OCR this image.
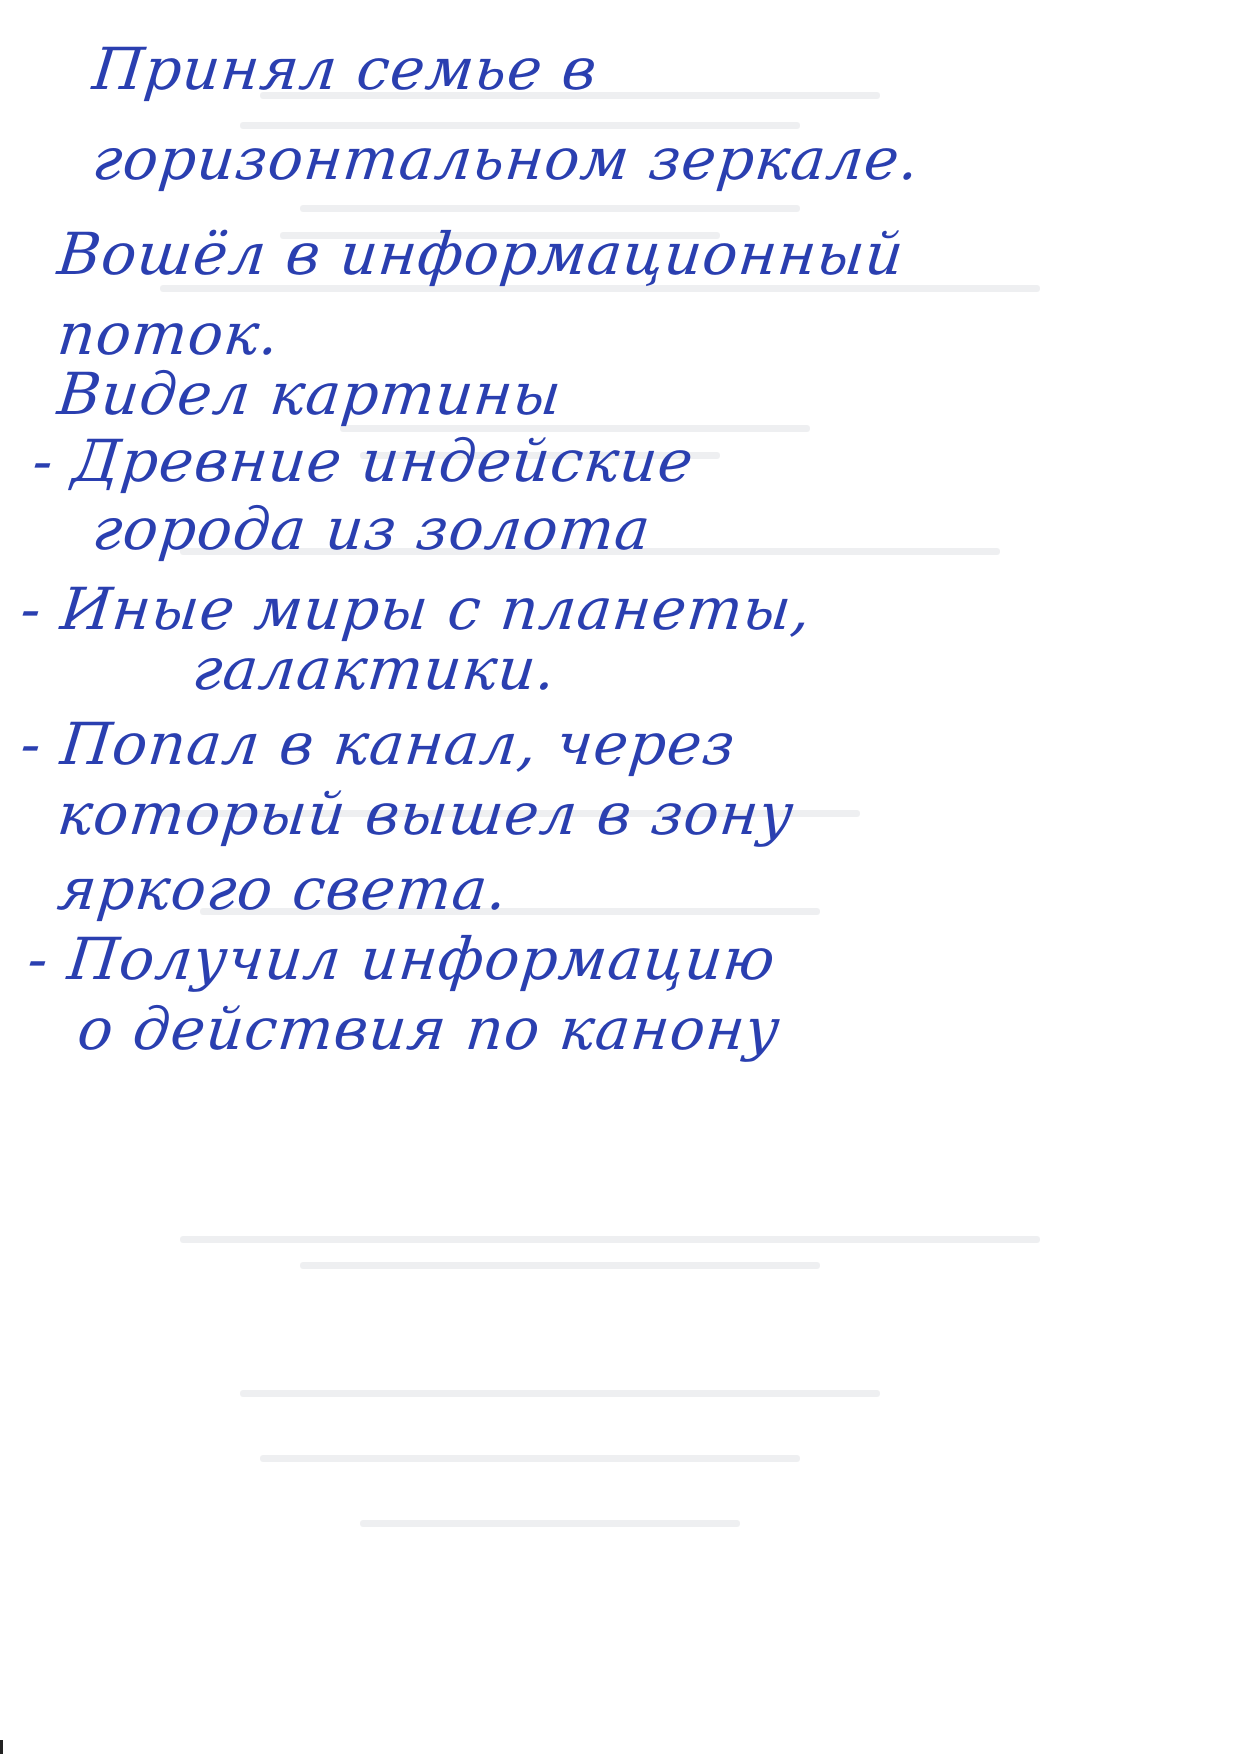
Пpинял семье в
горизонтальном зеркале.
Вошёл в информационный
поток.
Видел картины
- Древние индейские
города из золота
- Иные миры с планеты,
галактики.
- Попал в канал, через
который вышел в зону
яркого света.
- Получил информацию
о действия по канону
